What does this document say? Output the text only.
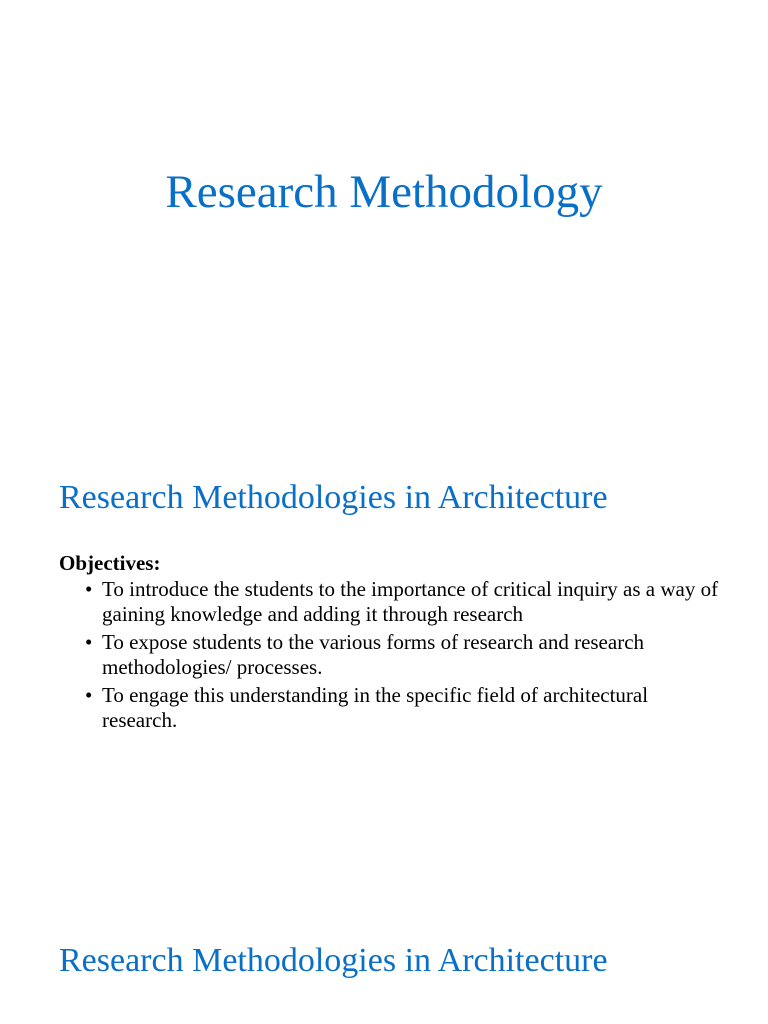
Research Methodology
Research Methodologies in Architecture

Objectives:

• To introduce the students to the importance of critical inquiry as a way of gaining knowledge and adding it through research
• To expose students to the various forms of research and research methodologies/ processes.
• To engage this understanding in the specific field of architectural research.
Research Methodologies in Architecture
